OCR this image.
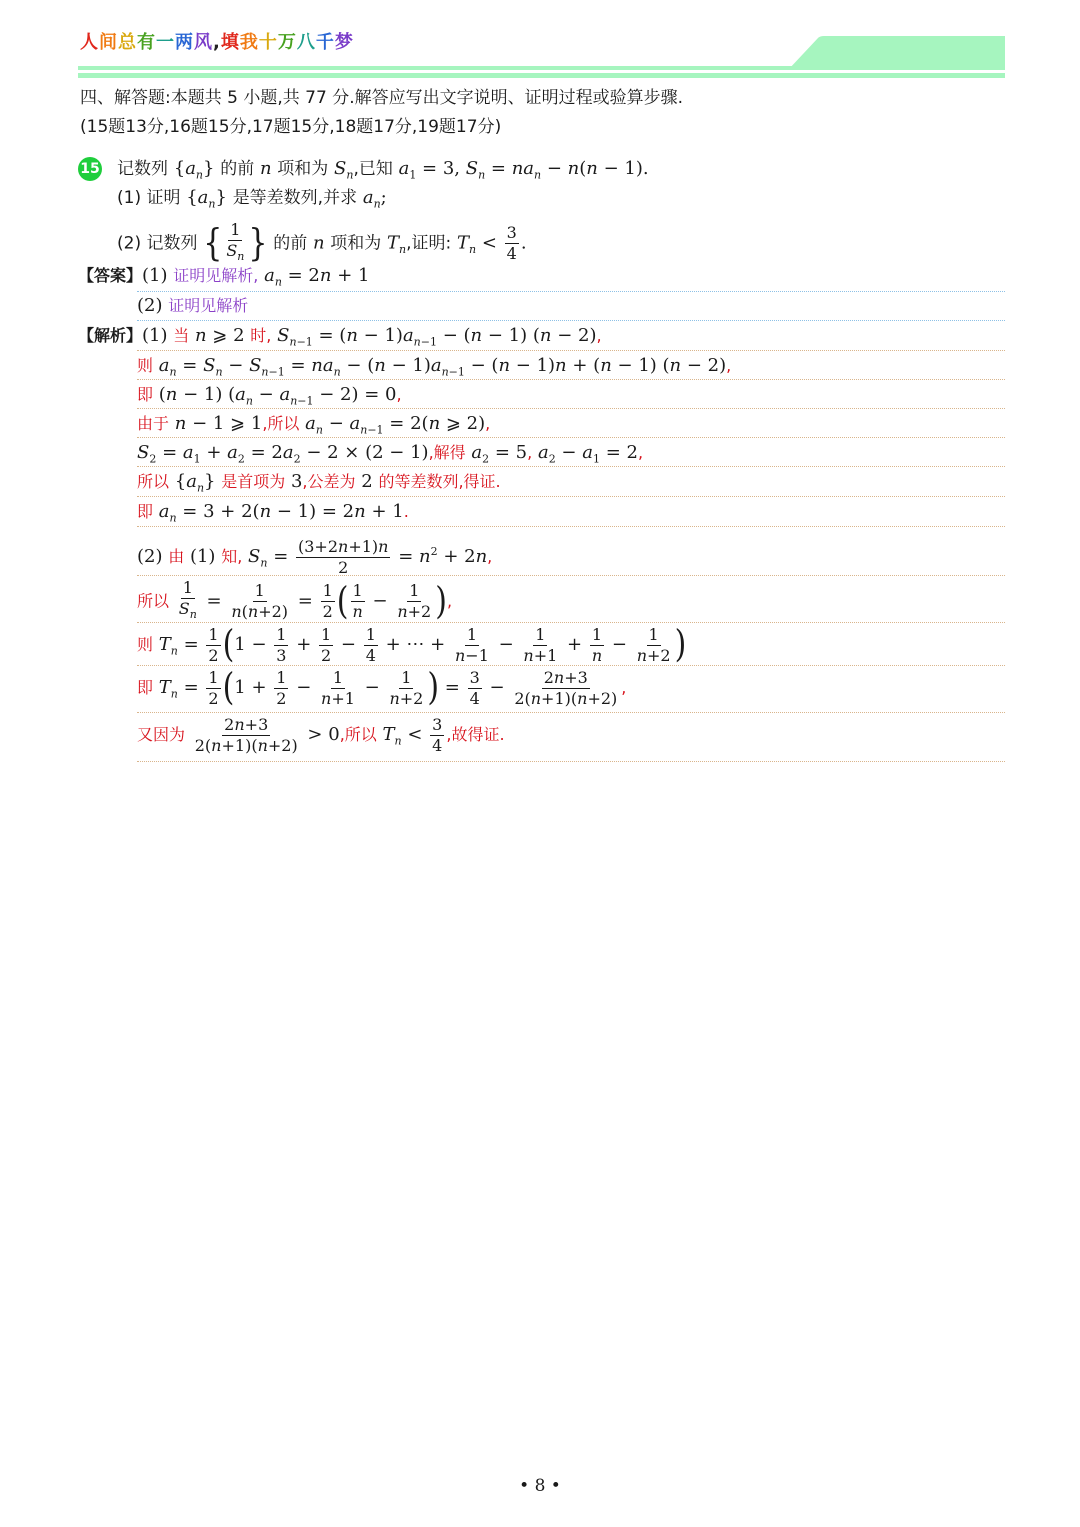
人间总有一两风,填我十万八千梦
四、解答题:本题共 5 小题,共 77 分.解答应写出文字说明、证明过程或验算步骤.
(15题13分,16题15分,17题15分,18题17分,19题17分)
15 记数列 $\{a_n\}$ 的前 n 项和为 $S_n$,已知 $a_1 = 3$, $S_n = na_n - n(n - 1)$.
(1) 证明 $\{a_n\}$ 是等差数列,并求 $a_n$;
(2) 记数列 { $\frac{1}{S_n}$ } 的前 n 项和为 $T_n$,证明: $T_n < \frac{3}{4}$ .
【答案】(1) 证明见解析, $a_n = 2n + 1$
(2) 证明见解析
【解析】(1) 当 n ⩾ 2 时, $S_{n-1} = (n - 1)a_{n-1} - (n - 1) (n - 2)$,
则 $a_n = S_n - S_{n-1} = na_n - (n - 1)a_{n-1} - (n - 1)n + (n - 1) (n - 2)$,
即 (n − 1) $(a_n - a_{n-1} - 2) = 0$,
由于 n − 1 ⩾ 1,所以 $a_n - a_{n-1} = 2(n$ ⩾ 2),
$S_2 = a_1 + a_2 = 2a_2 - 2 \times (2 - 1)$,解得 $a_2 = 5$, $a_2 - a_1 = 2$,
所以 $\{a_n\}$ 是首项为 3,公差为 2 的等差数列,得证.
即 $a_n = 3 + 2(n - 1) = 2n + 1$.
(2) 由 (1) 知, $S_n = \frac{(3+2n+1)n}{2} = n^2 + 2n$,
所以 $\frac{1}{S_n} = \frac{1}{n(n+2)} = \frac{1}{2}$ ( $\frac{1}{n} - \frac{1}{n+2}$ ),
则 $T_n = \frac{1}{2} (1 - \frac{1}{3} + \frac{1}{2} - \frac{1}{4}$ + ⋯ + $\frac{1}{n-1} - \frac{1}{n+1} + \frac{1}{n} - \frac{1}{n+2}$ )
即 $T_n = \frac{1}{2} (1 + \frac{1}{2} - \frac{1}{n+1} - \frac{1}{n+2}$ ) = $\frac{3}{4} - \frac{2n+3}{2(n+1)(n+2)}$ ,
又因为 $\frac{2n+3}{2(n+1)(n+2)} > 0$,所以 $T_n < \frac{3}{4}$ ,故得证.
• 8 •
